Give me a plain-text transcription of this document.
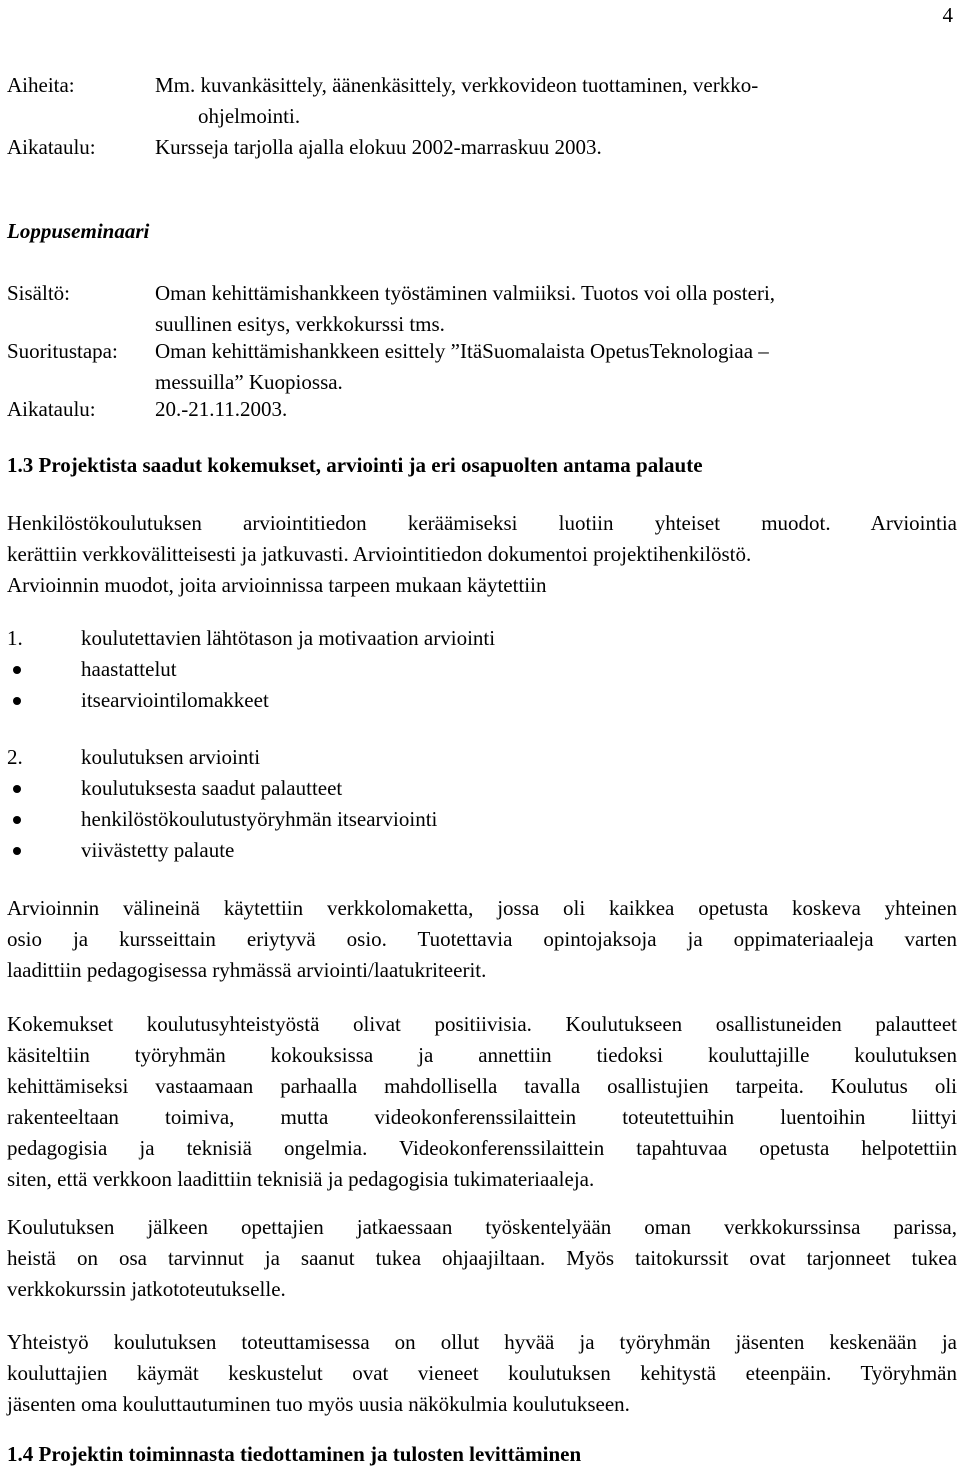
4
Aiheita:	Mm. kuvankäsittely, äänenkäsittely, verkkovideon tuottaminen, verkko-
ohjelmointi.
Aikataulu:	Kursseja tarjolla ajalla elokuu 2002-marraskuu 2003.
Loppuseminaari
Sisältö:	Oman kehittämishankkeen työstäminen valmiiksi. Tuotos voi olla posteri,
suullinen esitys, verkkokurssi tms.
Suoritustapa: Oman kehittämishankkeen esittely ”ItäSuomalaista OpetusTeknologiaa –
messuilla” Kuopiossa.
Aikataulu:	20.-21.11.2003.
1.3 Projektista saadut kokemukset, arviointi ja eri osapuolten antama palaute
Henkilöstökoulutuksen arviointitiedon keräämiseksi luotiin yhteiset muodot. Arviointia
kerättiin verkkovälitteisesti ja jatkuvasti. Arviointitiedon dokumentoi projektihenkilöstö.
Arvioinnin muodot, joita arvioinnissa tarpeen mukaan käytettiin
1.	koulutettavien lähtötason ja motivaation arviointi
haastattelut
itsearviointilomakkeet
2.	koulutuksen arviointi
koulutuksesta saadut palautteet
henkilöstökoulutustyöryhmän itsearviointi
viivästetty palaute
Arvioinnin välineinä käytettiin verkkolomaketta, jossa oli kaikkea opetusta koskeva yhteinen
osio ja kursseittain eriytyvä osio. Tuotettavia opintojaksoja ja oppimateriaaleja varten
laadittiin pedagogisessa ryhmässä arviointi/laatukriteerit.
Kokemukset koulutusyhteistyöstä olivat positiivisia. Koulutukseen osallistuneiden palautteet
käsiteltiin työryhmän kokouksissa ja annettiin tiedoksi kouluttajille koulutuksen
kehittämiseksi vastaamaan parhaalla mahdollisella tavalla osallistujien tarpeita. Koulutus oli
rakenteeltaan toimiva, mutta videokonferenssilaittein toteutettuihin luentoihin liittyi
pedagogisia ja teknisiä ongelmia. Videokonferenssilaittein tapahtuvaa opetusta helpotettiin
siten, että verkkoon laadittiin teknisiä ja pedagogisia tukimateriaaleja.
Koulutuksen jälkeen opettajien jatkaessaan työskentelyään oman verkkokurssinsa parissa,
heistä on osa tarvinnut ja saanut tukea ohjaajiltaan. Myös taitokurssit ovat tarjonneet tukea
verkkokurssin jatkototeutukselle.
Yhteistyö koulutuksen toteuttamisessa on ollut hyvää ja työryhmän jäsenten keskenään ja
kouluttajien käymät keskustelut ovat vieneet koulutuksen kehitystä eteenpäin. Työryhmän
jäsenten oma kouluttautuminen tuo myös uusia näkökulmia koulutukseen.
1.4 Projektin toiminnasta tiedottaminen ja tulosten levittäminen
